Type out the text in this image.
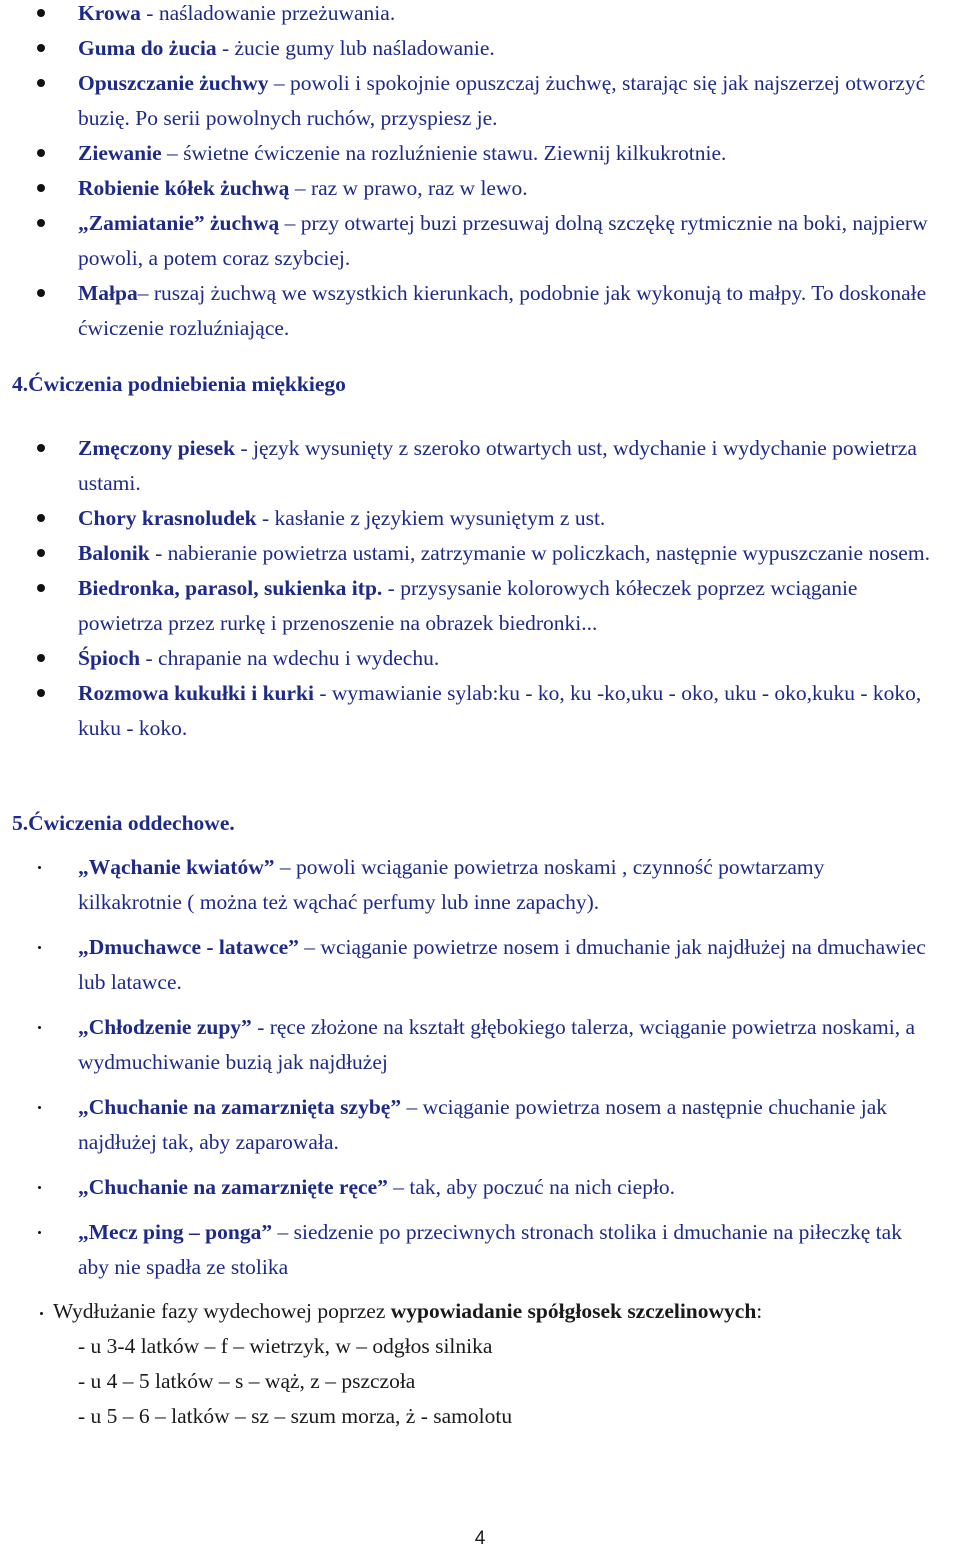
Krowa - naśladowanie przeżuwania.
Guma do żucia - żucie gumy lub naśladowanie.
Opuszczanie żuchwy – powoli i spokojnie opuszczaj żuchwę, starając się jak najszerzej otworzyć buzię. Po serii powolnych ruchów, przyspiesz je.
Ziewanie – świetne ćwiczenie na rozluźnienie stawu. Ziewnij kilkukrotnie.
Robienie kółek żuchwą – raz w prawo, raz w lewo.
„Zamiatanie” żuchwą – przy otwartej buzi przesuwaj dolną szczękę rytmicznie na boki, najpierw powoli, a potem coraz szybciej.
Małpa– ruszaj żuchwą we wszystkich kierunkach, podobnie jak wykonują to małpy. To doskonałe ćwiczenie rozluźniające.
4.Ćwiczenia podniebienia miękkiego
Zmęczony piesek - język wysunięty z szeroko otwartych ust, wdychanie i wydychanie powietrza ustami.
Chory krasnoludek - kasłanie z językiem wysuniętym z ust.
Balonik - nabieranie powietrza ustami, zatrzymanie w policzkach, następnie wypuszczanie nosem.
Biedronka, parasol, sukienka itp. - przysysanie kolorowych kółeczek poprzez wciąganie powietrza przez rurkę i przenoszenie na obrazek biedronki...
Śpioch - chrapanie na wdechu i wydechu.
Rozmowa kukułki i kurki - wymawianie sylab:ku - ko, ku -ko,uku - oko, uku - oko,kuku - koko, kuku - koko.
5.Ćwiczenia oddechowe.
„Wąchanie kwiatów” – powoli wciąganie powietrza noskami , czynność powtarzamy kilkakrotnie ( można też wąchać perfumy lub inne zapachy).
„Dmuchawce - latawce” – wciąganie powietrze nosem i dmuchanie jak najdłużej na dmuchawiec lub latawce.
„Chłodzenie zupy” - ręce złożone na kształt głębokiego talerza, wciąganie powietrza noskami, a wydmuchiwanie buzią jak najdłużej
„Chuchanie na zamarznięta szybę” – wciąganie powietrza nosem a następnie chuchanie jak najdłużej tak, aby zaparowała.
„Chuchanie na zamarznięte ręce” – tak, aby poczuć na nich ciepło.
„Mecz ping – ponga” – siedzenie po przeciwnych stronach stolika i dmuchanie na piłeczkę tak aby nie spadła ze stolika
Wydłużanie fazy wydechowej poprzez wypowiadanie spółgłosek szczelinowych:
- u 3-4 latków – f – wietrzyk, w – odgłos silnika
- u 4 – 5 latków – s – wąż, z – pszczoła
- u 5 – 6 – latków – sz – szum morza, ż - samolotu
4
